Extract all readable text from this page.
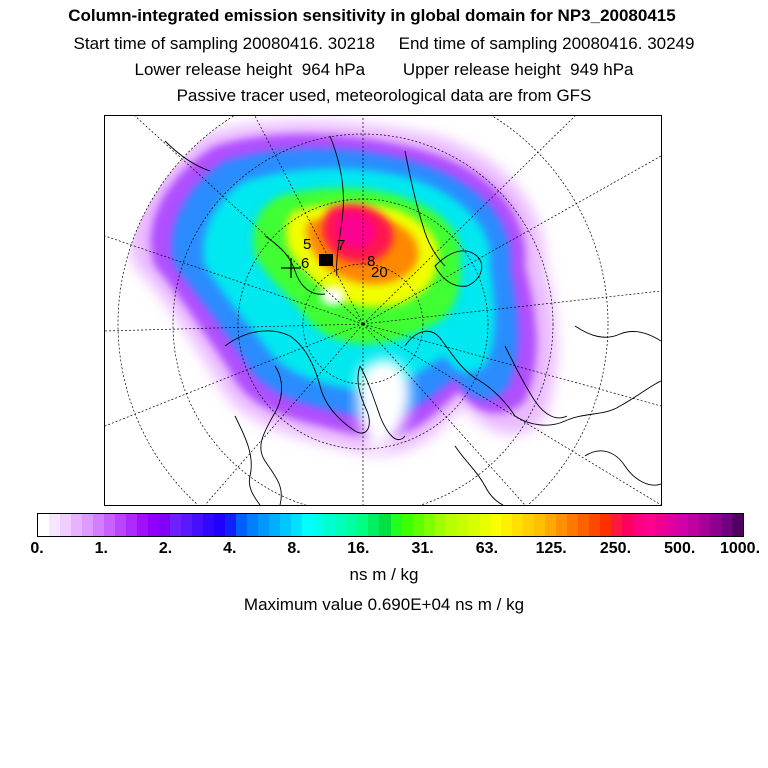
Column-integrated emission sensitivity in global domain for NP3_20080415
Start time of sampling 20080416. 30218 End time of sampling 20080416. 30249
Lower release height  964 hPa Upper release height  949 hPa
Passive tracer used, meteorological data are from GFS
5
6
7
8
20
0.	1.	2.	4.	8.	16.	31.	63. 125. 250. 500. 1000.
ns m / kg
Maximum value 0.690E+04 ns m / kg
